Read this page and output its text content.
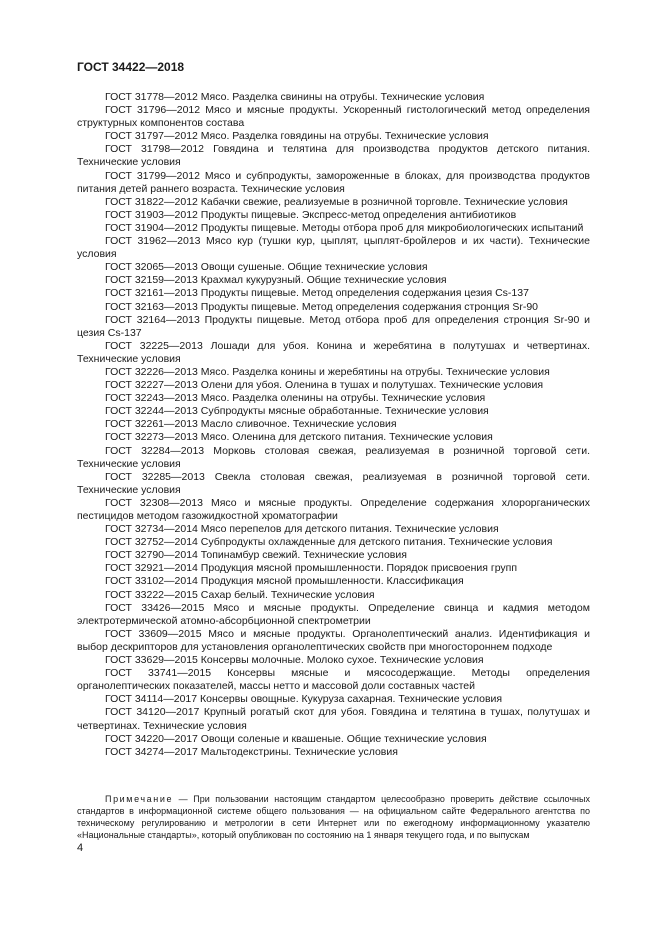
ГОСТ 34422—2018

ГОСТ 31778—2012 Мясо. Разделка свинины на отрубы. Технические условия

ГОСТ 31796—2012 Мясо и мясные продукты. Ускоренный гистологический метод определения структурных компонентов состава

ГОСТ 31797—2012 Мясо. Разделка говядины на отрубы. Технические условия

ГОСТ 31798—2012 Говядина и телятина для производства продуктов детского питания. Технические условия

ГОСТ 31799—2012 Мясо и субпродукты, замороженные в блоках, для производства продуктов питания детей раннего возраста. Технические условия

ГОСТ 31822—2012 Кабачки свежие, реализуемые в розничной торговле. Технические условия

ГОСТ 31903—2012 Продукты пищевые. Экспресс-метод определения антибиотиков

ГОСТ 31904—2012 Продукты пищевые. Методы отбора проб для микробиологических испытаний

ГОСТ 31962—2013 Мясо кур (тушки кур, цыплят, цыплят-бройлеров и их части). Технические условия

ГОСТ 32065—2013 Овощи сушеные. Общие технические условия

ГОСТ 32159—2013 Крахмал кукурузный. Общие технические условия

ГОСТ 32161—2013 Продукты пищевые. Метод определения содержания цезия Cs-137

ГОСТ 32163—2013 Продукты пищевые. Метод определения содержания стронция Sr-90

ГОСТ 32164—2013 Продукты пищевые. Метод отбора проб для определения стронция Sr-90 и цезия Cs-137

ГОСТ 32225—2013 Лошади для убоя. Конина и жеребятина в полутушах и четвертинах. Технические условия

ГОСТ 32226—2013 Мясо. Разделка конины и жеребятины на отрубы. Технические условия

ГОСТ 32227—2013 Олени для убоя. Оленина в тушах и полутушах. Технические условия

ГОСТ 32243—2013 Мясо. Разделка оленины на отрубы. Технические условия

ГОСТ 32244—2013 Субпродукты мясные обработанные. Технические условия

ГОСТ 32261—2013 Масло сливочное. Технические условия

ГОСТ 32273—2013 Мясо. Оленина для детского питания. Технические условия

ГОСТ 32284—2013 Морковь столовая свежая, реализуемая в розничной торговой сети. Технические условия

ГОСТ 32285—2013 Свекла столовая свежая, реализуемая в розничной торговой сети. Технические условия

ГОСТ 32308—2013 Мясо и мясные продукты. Определение содержания хлорорганических пестицидов методом газожидкостной хроматографии

ГОСТ 32734—2014 Мясо перепелов для детского питания. Технические условия

ГОСТ 32752—2014 Субпродукты охлажденные для детского питания. Технические условия

ГОСТ 32790—2014 Топинамбур свежий. Технические условия

ГОСТ 32921—2014 Продукция мясной промышленности. Порядок присвоения групп

ГОСТ 33102—2014 Продукция мясной промышленности. Классификация

ГОСТ 33222—2015 Сахар белый. Технические условия

ГОСТ 33426—2015 Мясо и мясные продукты. Определение свинца и кадмия методом электротермической атомно-абсорбционной спектрометрии

ГОСТ 33609—2015 Мясо и мясные продукты. Органолептический анализ. Идентификация и выбор дескрипторов для установления органолептических свойств при многостороннем подходе

ГОСТ 33629—2015 Консервы молочные. Молоко сухое. Технические условия

ГОСТ 33741—2015 Консервы мясные и мясосодержащие. Методы определения органолептических показателей, массы нетто и массовой доли составных частей

ГОСТ 34114—2017 Консервы овощные. Кукуруза сахарная. Технические условия

ГОСТ 34120—2017 Крупный рогатый скот для убоя. Говядина и телятина в тушах, полутушах и четвертинах. Технические условия

ГОСТ 34220—2017 Овощи соленые и квашеные. Общие технические условия

ГОСТ 34274—2017 Мальтодекстрины. Технические условия

Примечание — При пользовании настоящим стандартом целесообразно проверить действие ссылочных стандартов в информационной системе общего пользования — на официальном сайте Федерального агентства по техническому регулированию и метрологии в сети Интернет или по ежегодному информационному указателю «Национальные стандарты», который опубликован по состоянию на 1 января текущего года, и по выпускам

4
